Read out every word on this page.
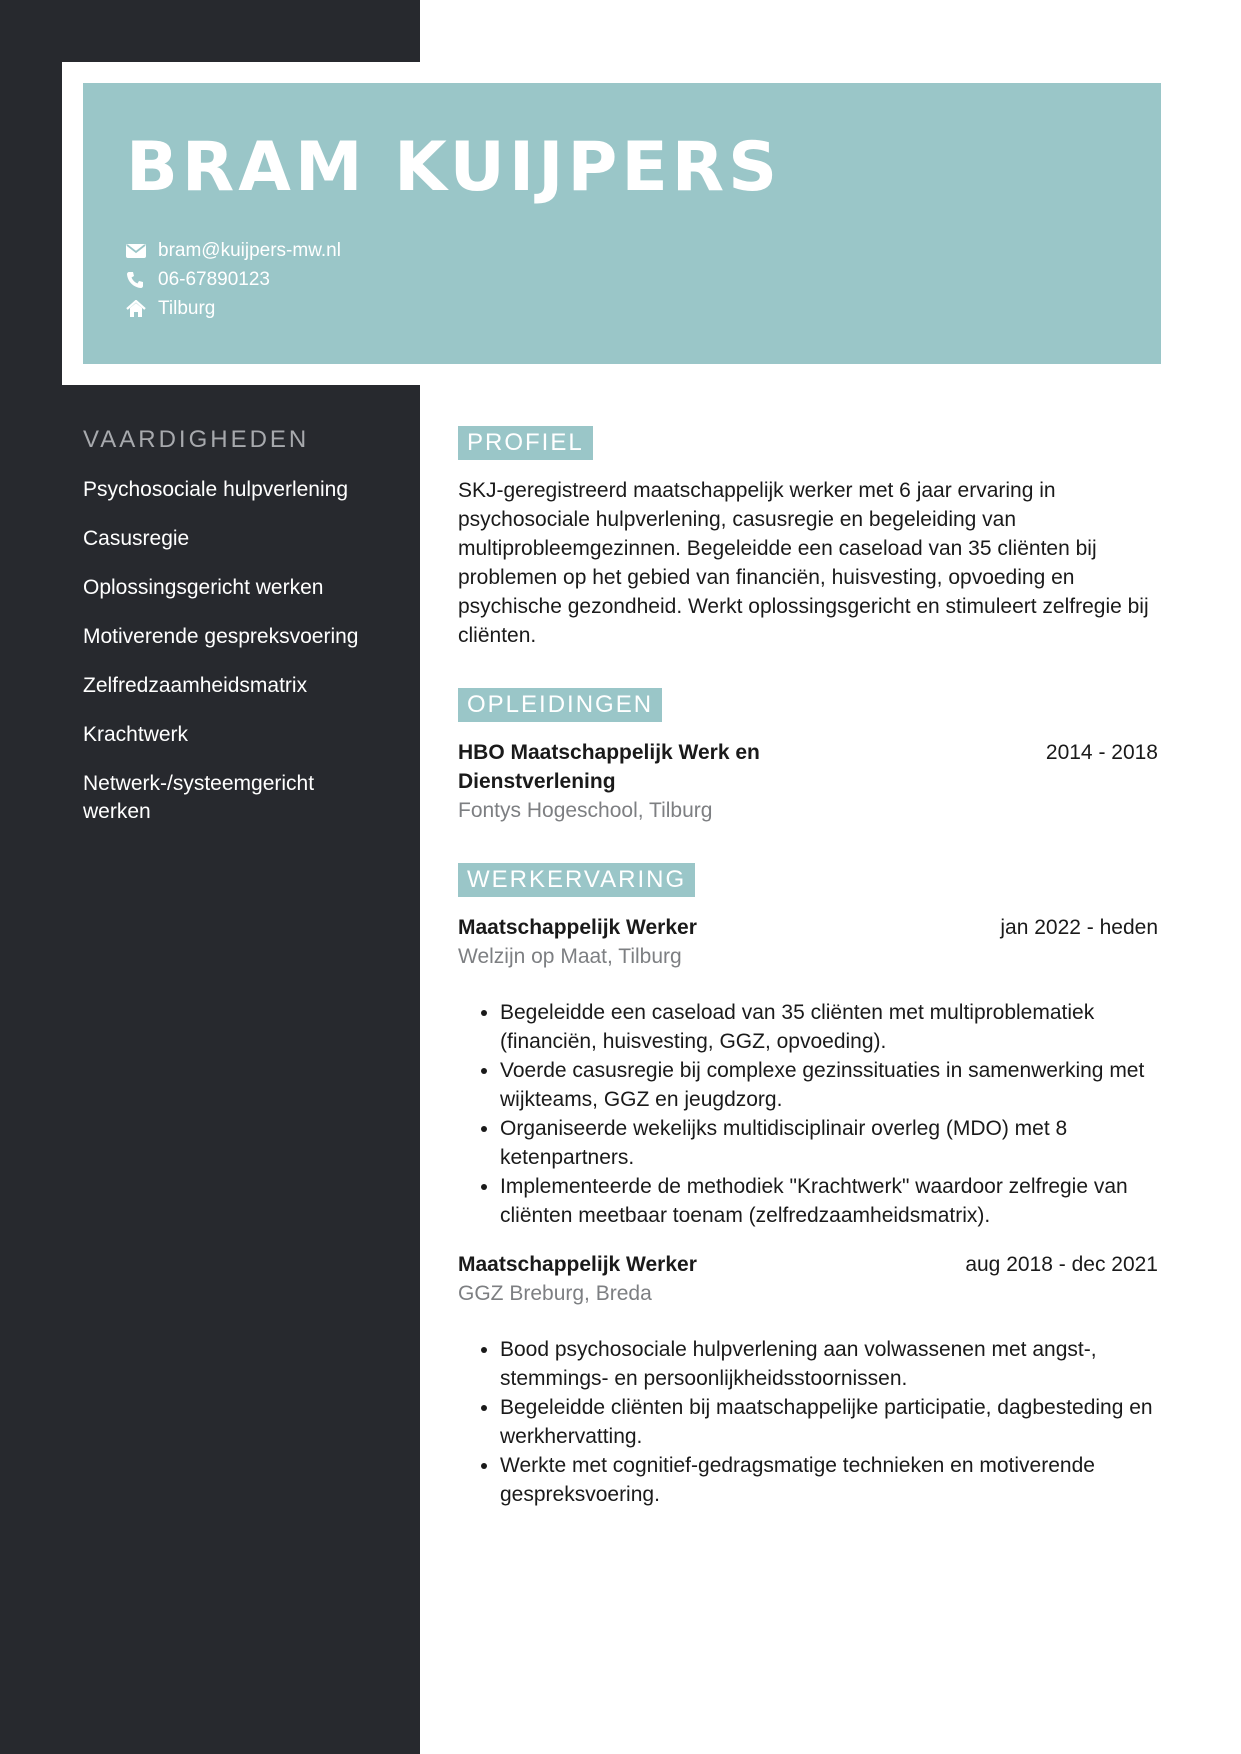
BRAM KUIJPERS
bram@kuijpers-mw.nl
06-67890123
Tilburg
VAARDIGHEDEN
Psychosociale hulpverlening
Casusregie
Oplossingsgericht werken
Motiverende gespreksvoering
Zelfredzaamheidsmatrix
Krachtwerk
Netwerk-/systeemgericht werken
PROFIEL

SKJ-geregistreerd maatschappelijk werker met 6 jaar ervaring in psychosociale hulpverlening, casusregie en begeleiding van multiprobleemgezinnen. Begeleidde een caseload van 35 cliënten bij problemen op het gebied van financiën, huisvesting, opvoeding en psychische gezondheid. Werkt oplossingsgericht en stimuleert zelfregie bij cliënten.

OPLEIDINGEN
HBO Maatschappelijk Werk en Dienstverlening
2014 - 2018
Fontys Hogeschool, Tilburg
WERKERVARING
Maatschappelijk Werker	jan 2022 - heden
Welzijn op Maat, Tilburg
• Begeleidde een caseload van 35 cliënten met multiproblematiek (financiën, huisvesting, GGZ, opvoeding).
• Voerde casusregie bij complexe gezinssituaties in samenwerking met wijkteams, GGZ en jeugdzorg.
• Organiseerde wekelijks multidisciplinair overleg (MDO) met 8 ketenpartners.
• Implementeerde de methodiek "Krachtwerk" waardoor zelfregie van cliënten meetbaar toenam (zelfredzaamheidsmatrix).
Maatschappelijk Werker	aug 2018 - dec 2021
GGZ Breburg, Breda
• Bood psychosociale hulpverlening aan volwassenen met angst-, stemmings- en persoonlijkheidsstoornissen.
• Begeleidde cliënten bij maatschappelijke participatie, dagbesteding en werkhervatting.
• Werkte met cognitief-gedragsmatige technieken en motiverende gespreksvoering.
